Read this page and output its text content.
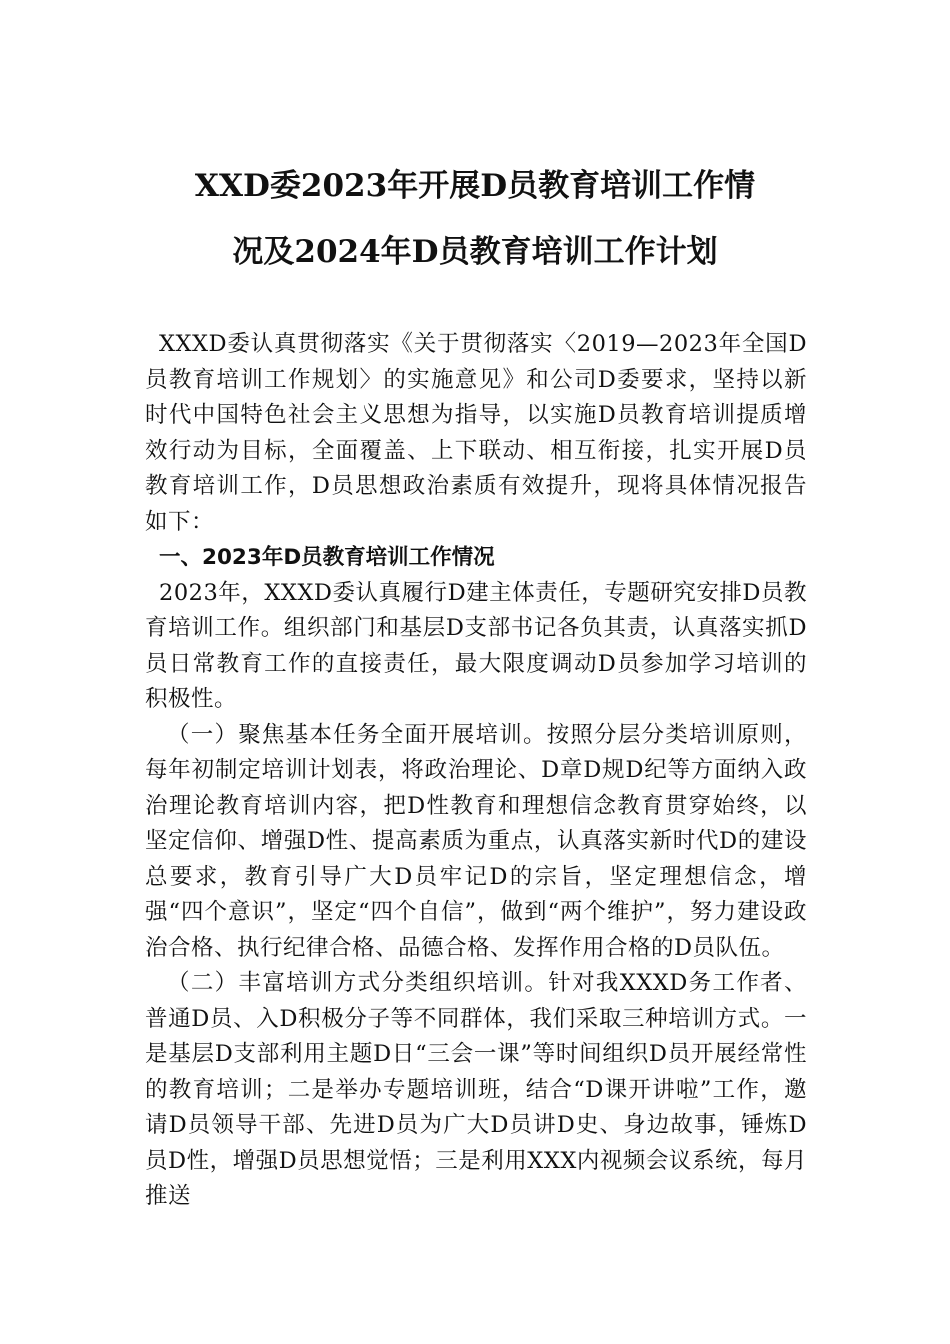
XXD委2023年开展D员教育培训工作情
况及2024年D员教育培训工作计划

XXXD委认真贯彻落实《关于贯彻落实〈2019—2023年全国D员教育培训工作规划〉的实施意见》和公司D委要求，坚持以新时代中国特色社会主义思想为指导，以实施D员教育培训提质增效行动为目标，全面覆盖、上下联动、相互衔接，扎实开展D员教育培训工作，D员思想政治素质有效提升，现将具体情况报告如下：

一、2023年D员教育培训工作情况

2023年，XXXD委认真履行D建主体责任，专题研究安排D员教育培训工作。组织部门和基层D支部书记各负其责，认真落实抓D员日常教育工作的直接责任，最大限度调动D员参加学习培训的积极性。

（一）聚焦基本任务全面开展培训。按照分层分类培训原则，每年初制定培训计划表，将政治理论、D章D规D纪等方面纳入政治理论教育培训内容，把D性教育和理想信念教育贯穿始终，以坚定信仰、增强D性、提高素质为重点，认真落实新时代D的建设总要求，教育引导广大D员牢记D的宗旨，坚定理想信念，增强“四个意识”，坚定“四个自信”，做到“两个维护”，努力建设政治合格、执行纪律合格、品德合格、发挥作用合格的D员队伍。

（二）丰富培训方式分类组织培训。针对我XXXD务工作者、普通D员、入D积极分子等不同群体，我们采取三种培训方式。一是基层D支部利用主题D日“三会一课”等时间组织D员开展经常性的教育培训；二是举办专题培训班，结合“D课开讲啦”工作，邀请D员领导干部、先进D员为广大D员讲D史、身边故事，锤炼D员D性，增强D员思想觉悟；三是利用XXX内视频会议系统，每月推送
